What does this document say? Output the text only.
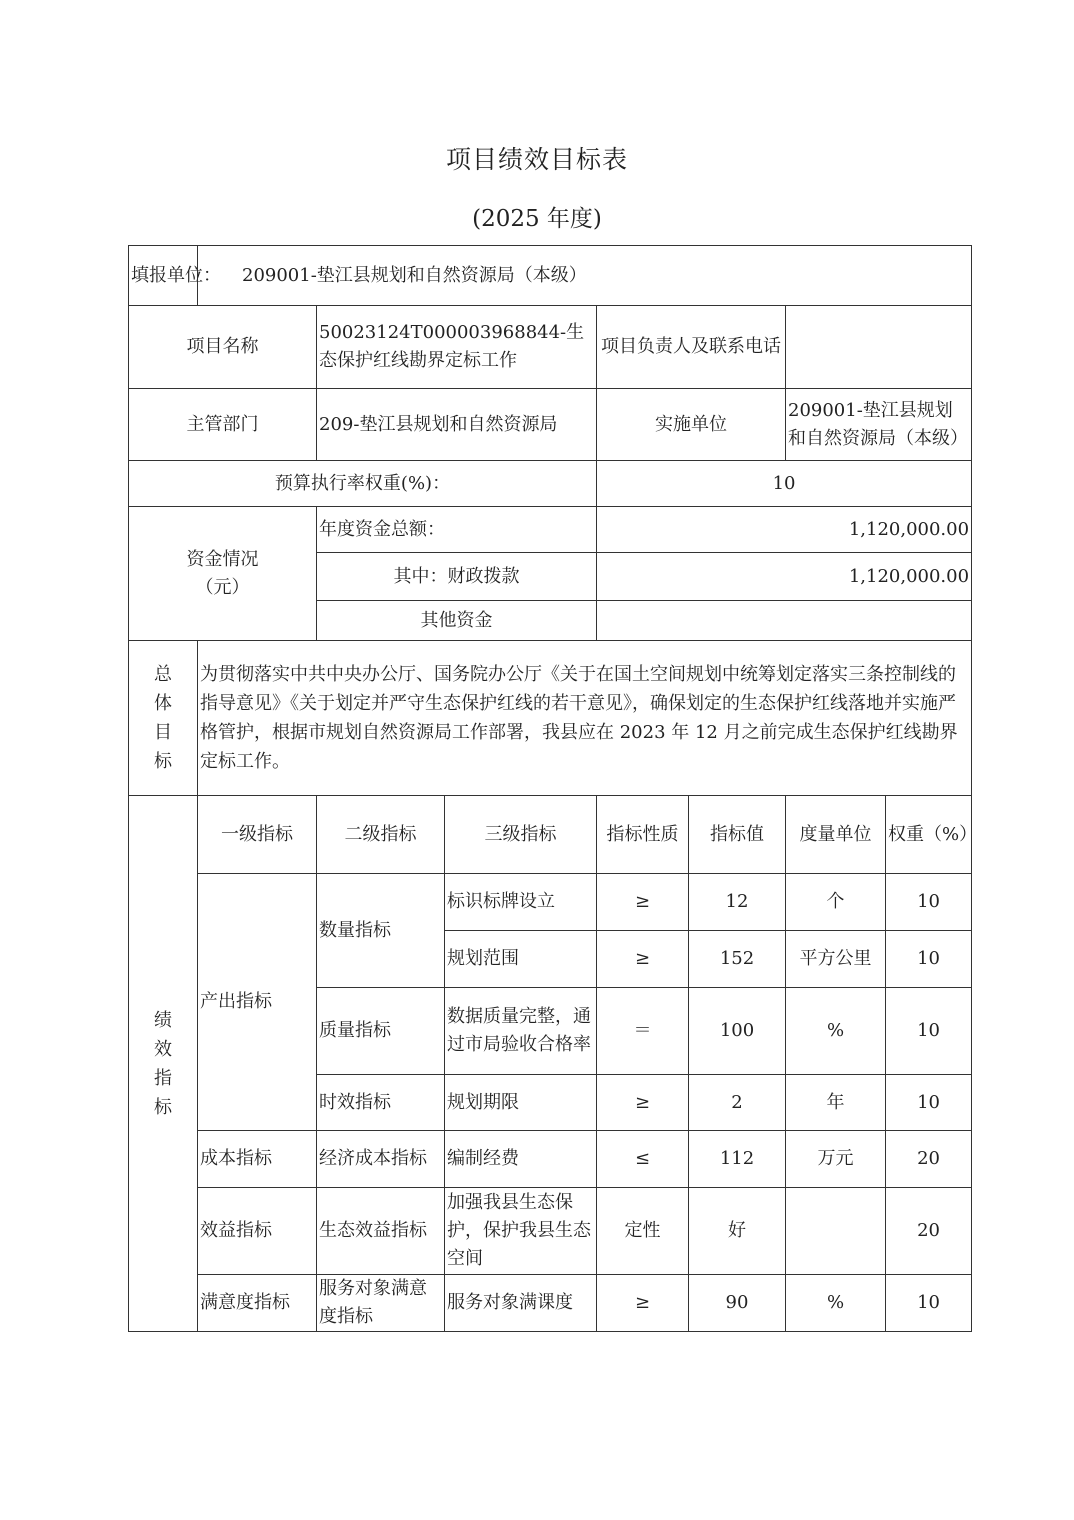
项目绩效目标表
(2025 年度)
填报单位：	209001-垫江县规划和自然资源局（本级）						
项目名称		50023124T000003968844-生态保护红线勘界定标工作		项目负责人及联系电话			
主管部门		209-垫江县规划和自然资源局		实施单位		209001-垫江县规划和自然资源局（本级）	
预算执行率权重(%)：				10			
资金情况（元）		年度资金总额：		1,120,000.00			
		其中：财政拨款		1,120,000.00			
		其他资金					
总体目标	为贯彻落实中共中央办公厅、国务院办公厅《关于在国土空间规划中统筹划定落实三条控制线的指导意见》《关于划定并严守生态保护红线的若干意见》，确保划定的生态保护红线落地并实施严格管护，根据市规划自然资源局工作部署，我县应在 2023 年 12 月之前完成生态保护红线勘界定标工作。						
绩效指标	一级指标	二级指标	三级指标	指标性质	指标值	度量单位	权重（%）
	产出指标	数量指标	标识标牌设立	≥	12	个	10
			规划范围	≥	152	平方公里	10
		质量指标	数据质量完整，通过市局验收合格率	＝	100	%	10
		时效指标	规划期限	≥	2	年	10
	成本指标	经济成本指标	编制经费	≤	112	万元	20
	效益指标	生态效益指标	加强我县生态保护，保护我县生态空间	定性	好		20
	满意度指标	服务对象满意度指标	服务对象满课度	≥	90	%	10
